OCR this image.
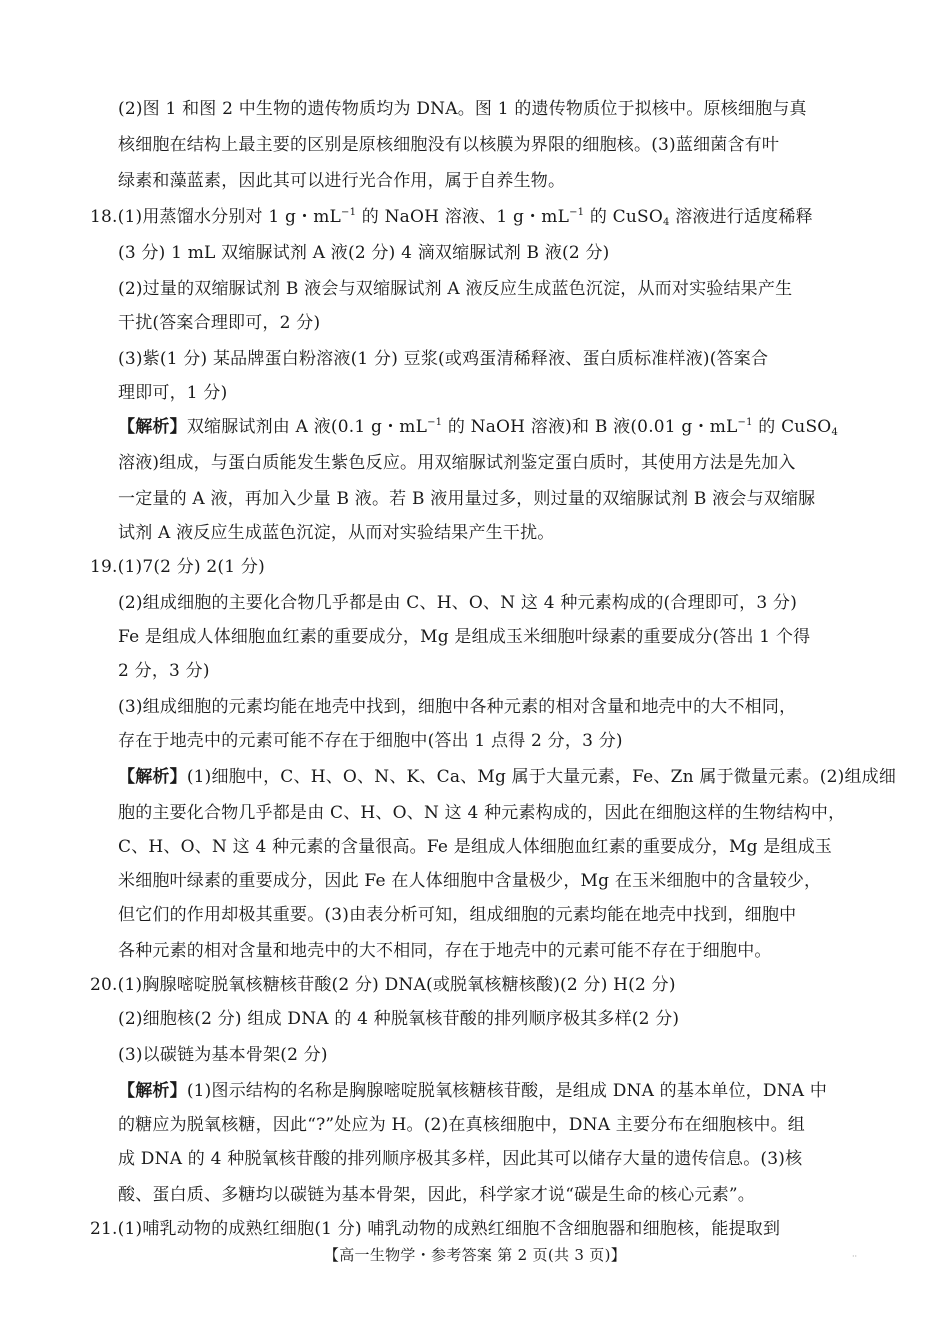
(2)图 1 和图 2 中生物的遗传物质均为 DNA。图 1 的遗传物质位于拟核中。原核细胞与真
核细胞在结构上最主要的区别是原核细胞没有以核膜为界限的细胞核。(3)蓝细菌含有叶
绿素和藻蓝素，因此其可以进行光合作用，属于自养生物。
18.(1)用蒸馏水分别对 1 g・$mL^{-1}$ 的 NaOH 溶液、1 g・$mL^{-1}$ 的 CuSO$_4$ 溶液进行适度稀释
(3 分) 1 mL 双缩脲试剂 A 液(2 分) 4 滴双缩脲试剂 B 液(2 分)
(2)过量的双缩脲试剂 B 液会与双缩脲试剂 A 液反应生成蓝色沉淀，从而对实验结果产生
干扰(答案合理即可，2 分)
(3)紫(1 分) 某品牌蛋白粉溶液(1 分) 豆浆(或鸡蛋清稀释液、蛋白质标准样液)(答案合
理即可，1 分)
【解析】双缩脲试剂由 A 液(0.1 g・$mL^{-1}$ 的 NaOH 溶液)和 B 液(0.01 g・$mL^{-1}$ 的 CuSO$_4$
溶液)组成，与蛋白质能发生紫色反应。用双缩脲试剂鉴定蛋白质时，其使用方法是先加入
一定量的 A 液，再加入少量 B 液。若 B 液用量过多，则过量的双缩脲试剂 B 液会与双缩脲
试剂 A 液反应生成蓝色沉淀，从而对实验结果产生干扰。
19.(1)7(2 分) 2(1 分)
(2)组成细胞的主要化合物几乎都是由 C、H、O、N 这 4 种元素构成的(合理即可，3 分)
Fe 是组成人体细胞血红素的重要成分，Mg 是组成玉米细胞叶绿素的重要成分(答出 1 个得
2 分，3 分)
(3)组成细胞的元素均能在地壳中找到，细胞中各种元素的相对含量和地壳中的大不相同，
存在于地壳中的元素可能不存在于细胞中(答出 1 点得 2 分，3 分)
【解析】(1)细胞中，C、H、O、N、K、Ca、Mg 属于大量元素，Fe、Zn 属于微量元素。(2)组成细
胞的主要化合物几乎都是由 C、H、O、N 这 4 种元素构成的，因此在细胞这样的生物结构中，
C、H、O、N 这 4 种元素的含量很高。Fe 是组成人体细胞血红素的重要成分，Mg 是组成玉
米细胞叶绿素的重要成分，因此 Fe 在人体细胞中含量极少，Mg 在玉米细胞中的含量较少，
但它们的作用却极其重要。(3)由表分析可知，组成细胞的元素均能在地壳中找到，细胞中
各种元素的相对含量和地壳中的大不相同，存在于地壳中的元素可能不存在于细胞中。
20.(1)胸腺嘧啶脱氧核糖核苷酸(2 分) DNA(或脱氧核糖核酸)(2 分) H(2 分)
(2)细胞核(2 分) 组成 DNA 的 4 种脱氧核苷酸的排列顺序极其多样(2 分)
(3)以碳链为基本骨架(2 分)
【解析】(1)图示结构的名称是胸腺嘧啶脱氧核糖核苷酸，是组成 DNA 的基本单位，DNA 中
的糖应为脱氧核糖，因此“?”处应为 H。(2)在真核细胞中，DNA 主要分布在细胞核中。组
成 DNA 的 4 种脱氧核苷酸的排列顺序极其多样，因此其可以储存大量的遗传信息。(3)核
酸、蛋白质、多糖均以碳链为基本骨架，因此，科学家才说“碳是生命的核心元素”。
21.(1)哺乳动物的成熟红细胞(1 分) 哺乳动物的成熟红细胞不含细胞器和细胞核，能提取到
【高一生物学・参考答案 第 2 页(共 3 页)】	··
